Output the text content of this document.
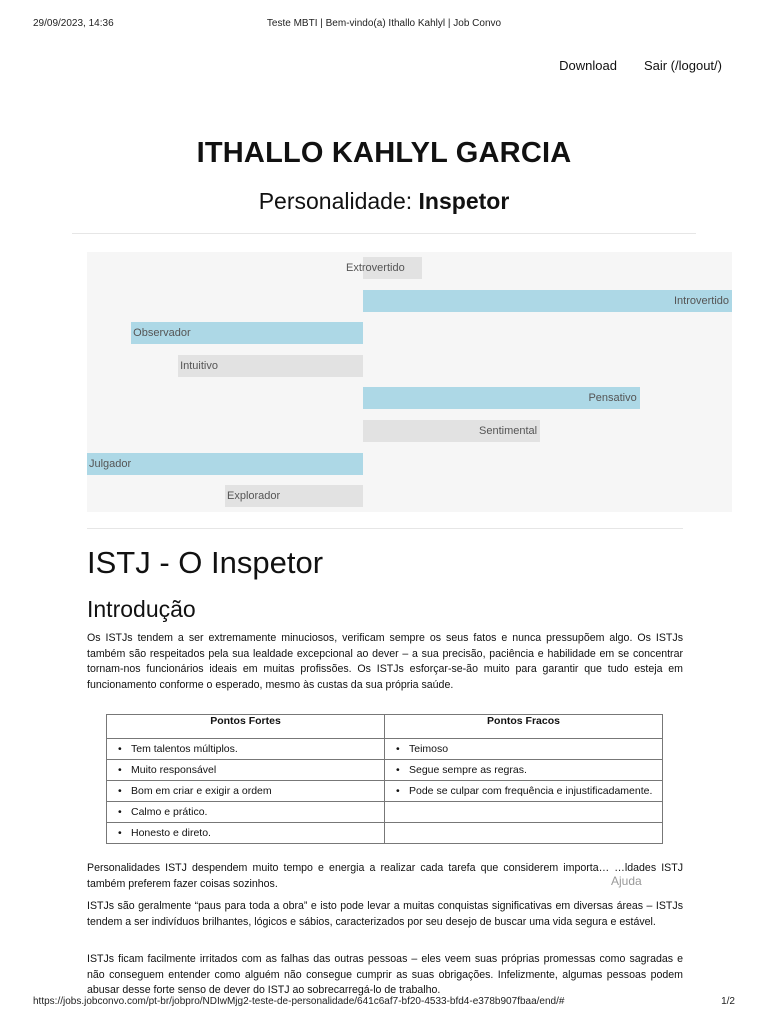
29/09/2023, 14:36	Teste MBTI | Bem-vindo(a) Ithallo Kahlyl | Job Convo
Download Sair (/logout/)
ITHALLO KAHLYL GARCIA
Personalidade: Inspetor
Extrovertido
Introvertido
Observador
Intuitivo
Pensativo
Sentimental
Julgador
Explorador
ISTJ - O Inspetor
Introdução
Os ISTJs tendem a ser extremamente minuciosos, verificam sempre os seus fatos e nunca pressupõem algo. Os ISTJs também são respeitados pela sua lealdade excepcional ao dever – a sua precisão, paciência e habilidade em se concentrar tornam-nos funcionários ideais em muitas profissões. Os ISTJs esforçar-se-ão muito para garantir que tudo esteja em funcionamento conforme o esperado, mesmo às custas da sua própria saúde.
Pontos Fortes	Pontos Fracos

• Tem talentos múltiplos.	• Teimoso

• Muito responsável	• Segue sempre as regras.

• Bom em criar e exigir a ordem	• Pode se culpar com frequência e injustificadamente.

• Calmo e prático.

• Honesto e direto.

Personalidades ISTJ despendem muito tempo e energia a realizar cada tarefa que considerem importa… …ldades ISTJ também preferem fazer coisas sozinhos.
ISTJs são geralmente “paus para toda a obra” e isto pode levar a muitas conquistas significativas em diversas áreas – ISTJs tendem a ser indivíduos brilhantes, lógicos e sábios, caracterizados por seu desejo de buscar uma vida segura e estável.
ISTJs ficam facilmente irritados com as falhas das outras pessoas – eles veem suas próprias promessas como sagradas e não conseguem entender como alguém não consegue cumprir as suas obrigações. Infelizmente, algumas pessoas podem abusar desse forte senso de dever do ISTJ ao sobrecarregá-lo de trabalho.
Ajuda
https://jobs.jobconvo.com/pt-br/jobpro/NDIwMjg2-teste-de-personalidade/641c6af7-bf20-4533-bfd4-e378b907fbaa/end/#	1/2
